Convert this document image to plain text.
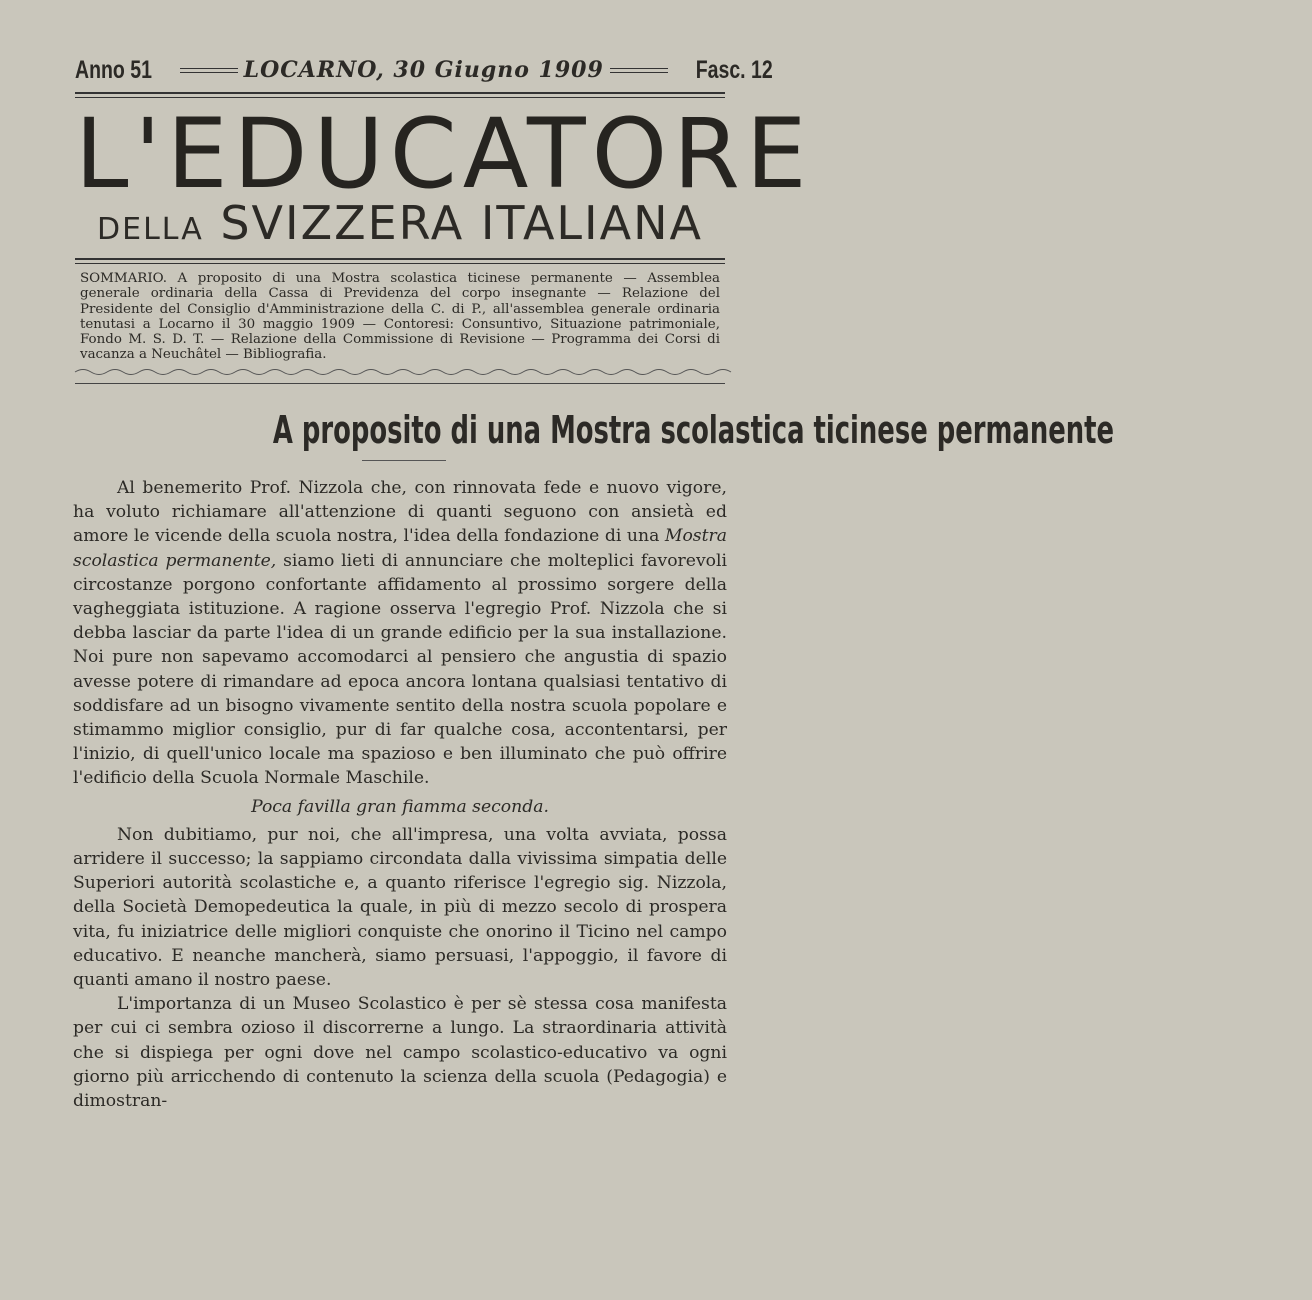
Anno 51	LOCARNO, 30 Giugno 1909	Fasc. 12
L'EDUCATORE
DELLA SVIZZERA ITALIANA
SOMMARIO. A proposito di una Mostra scolastica ticinese permanente — Assemblea generale ordinaria della Cassa di Previdenza del corpo insegnante — Relazione del Presidente del Consiglio d'Amministrazione della C. di P., all'assemblea generale ordinaria tenutasi a Locarno il 30 maggio 1909 — Contoresi: Consuntivo, Situazione patrimoniale, Fondo M. S. D. T. — Relazione della Commissione di Revisione — Programma dei Corsi di vacanza a Neuchâtel — Bibliografia.
A proposito di una Mostra scolastica ticinese permanente

Al benemerito Prof. Nizzola che, con rinnovata fede e nuovo vigore, ha voluto richiamare all'attenzione di quanti seguono con ansietà ed amore le vicende della scuola nostra, l'idea della fondazione di una Mostra scolastica permanente, siamo lieti di annunciare che molteplici favorevoli circostanze porgono confortante affidamento al prossimo sorgere della vagheggiata istituzione. A ragione osserva l'egregio Prof. Nizzola che si debba lasciar da parte l'idea di un grande edificio per la sua installazione. Noi pure non sapevamo accomodarci al pensiero che angustia di spazio avesse potere di rimandare ad epoca ancora lontana qualsiasi tentativo di soddisfare ad un bisogno vivamente sentito della nostra scuola popolare e stimammo miglior consiglio, pur di far qualche cosa, accontentarsi, per l'inizio, di quell'unico locale ma spazioso e ben illuminato che può offrire l'edificio della Scuola Normale Maschile.

Poca favilla gran fiamma seconda.

Non dubitiamo, pur noi, che all'impresa, una volta avviata, possa arridere il successo; la sappiamo circondata dalla vivissima simpatia delle Superiori autorità scolastiche e, a quanto riferisce l'egregio sig. Nizzola, della Società Demopedeutica la quale, in più di mezzo secolo di prospera vita, fu iniziatrice delle migliori conquiste che onorino il Ticino nel campo educativo. E neanche mancherà, siamo persuasi, l'appoggio, il favore di quanti amano il nostro paese.

L'importanza di un Museo Scolastico è per sè stessa cosa manifesta per cui ci sembra ozioso il discorrerne a lungo. La straordinaria attività che si dispiega per ogni dove nel campo scolastico-educativo va ogni giorno più arricchendo di contenuto la scienza della scuola (Pedagogia) e dimostran-
